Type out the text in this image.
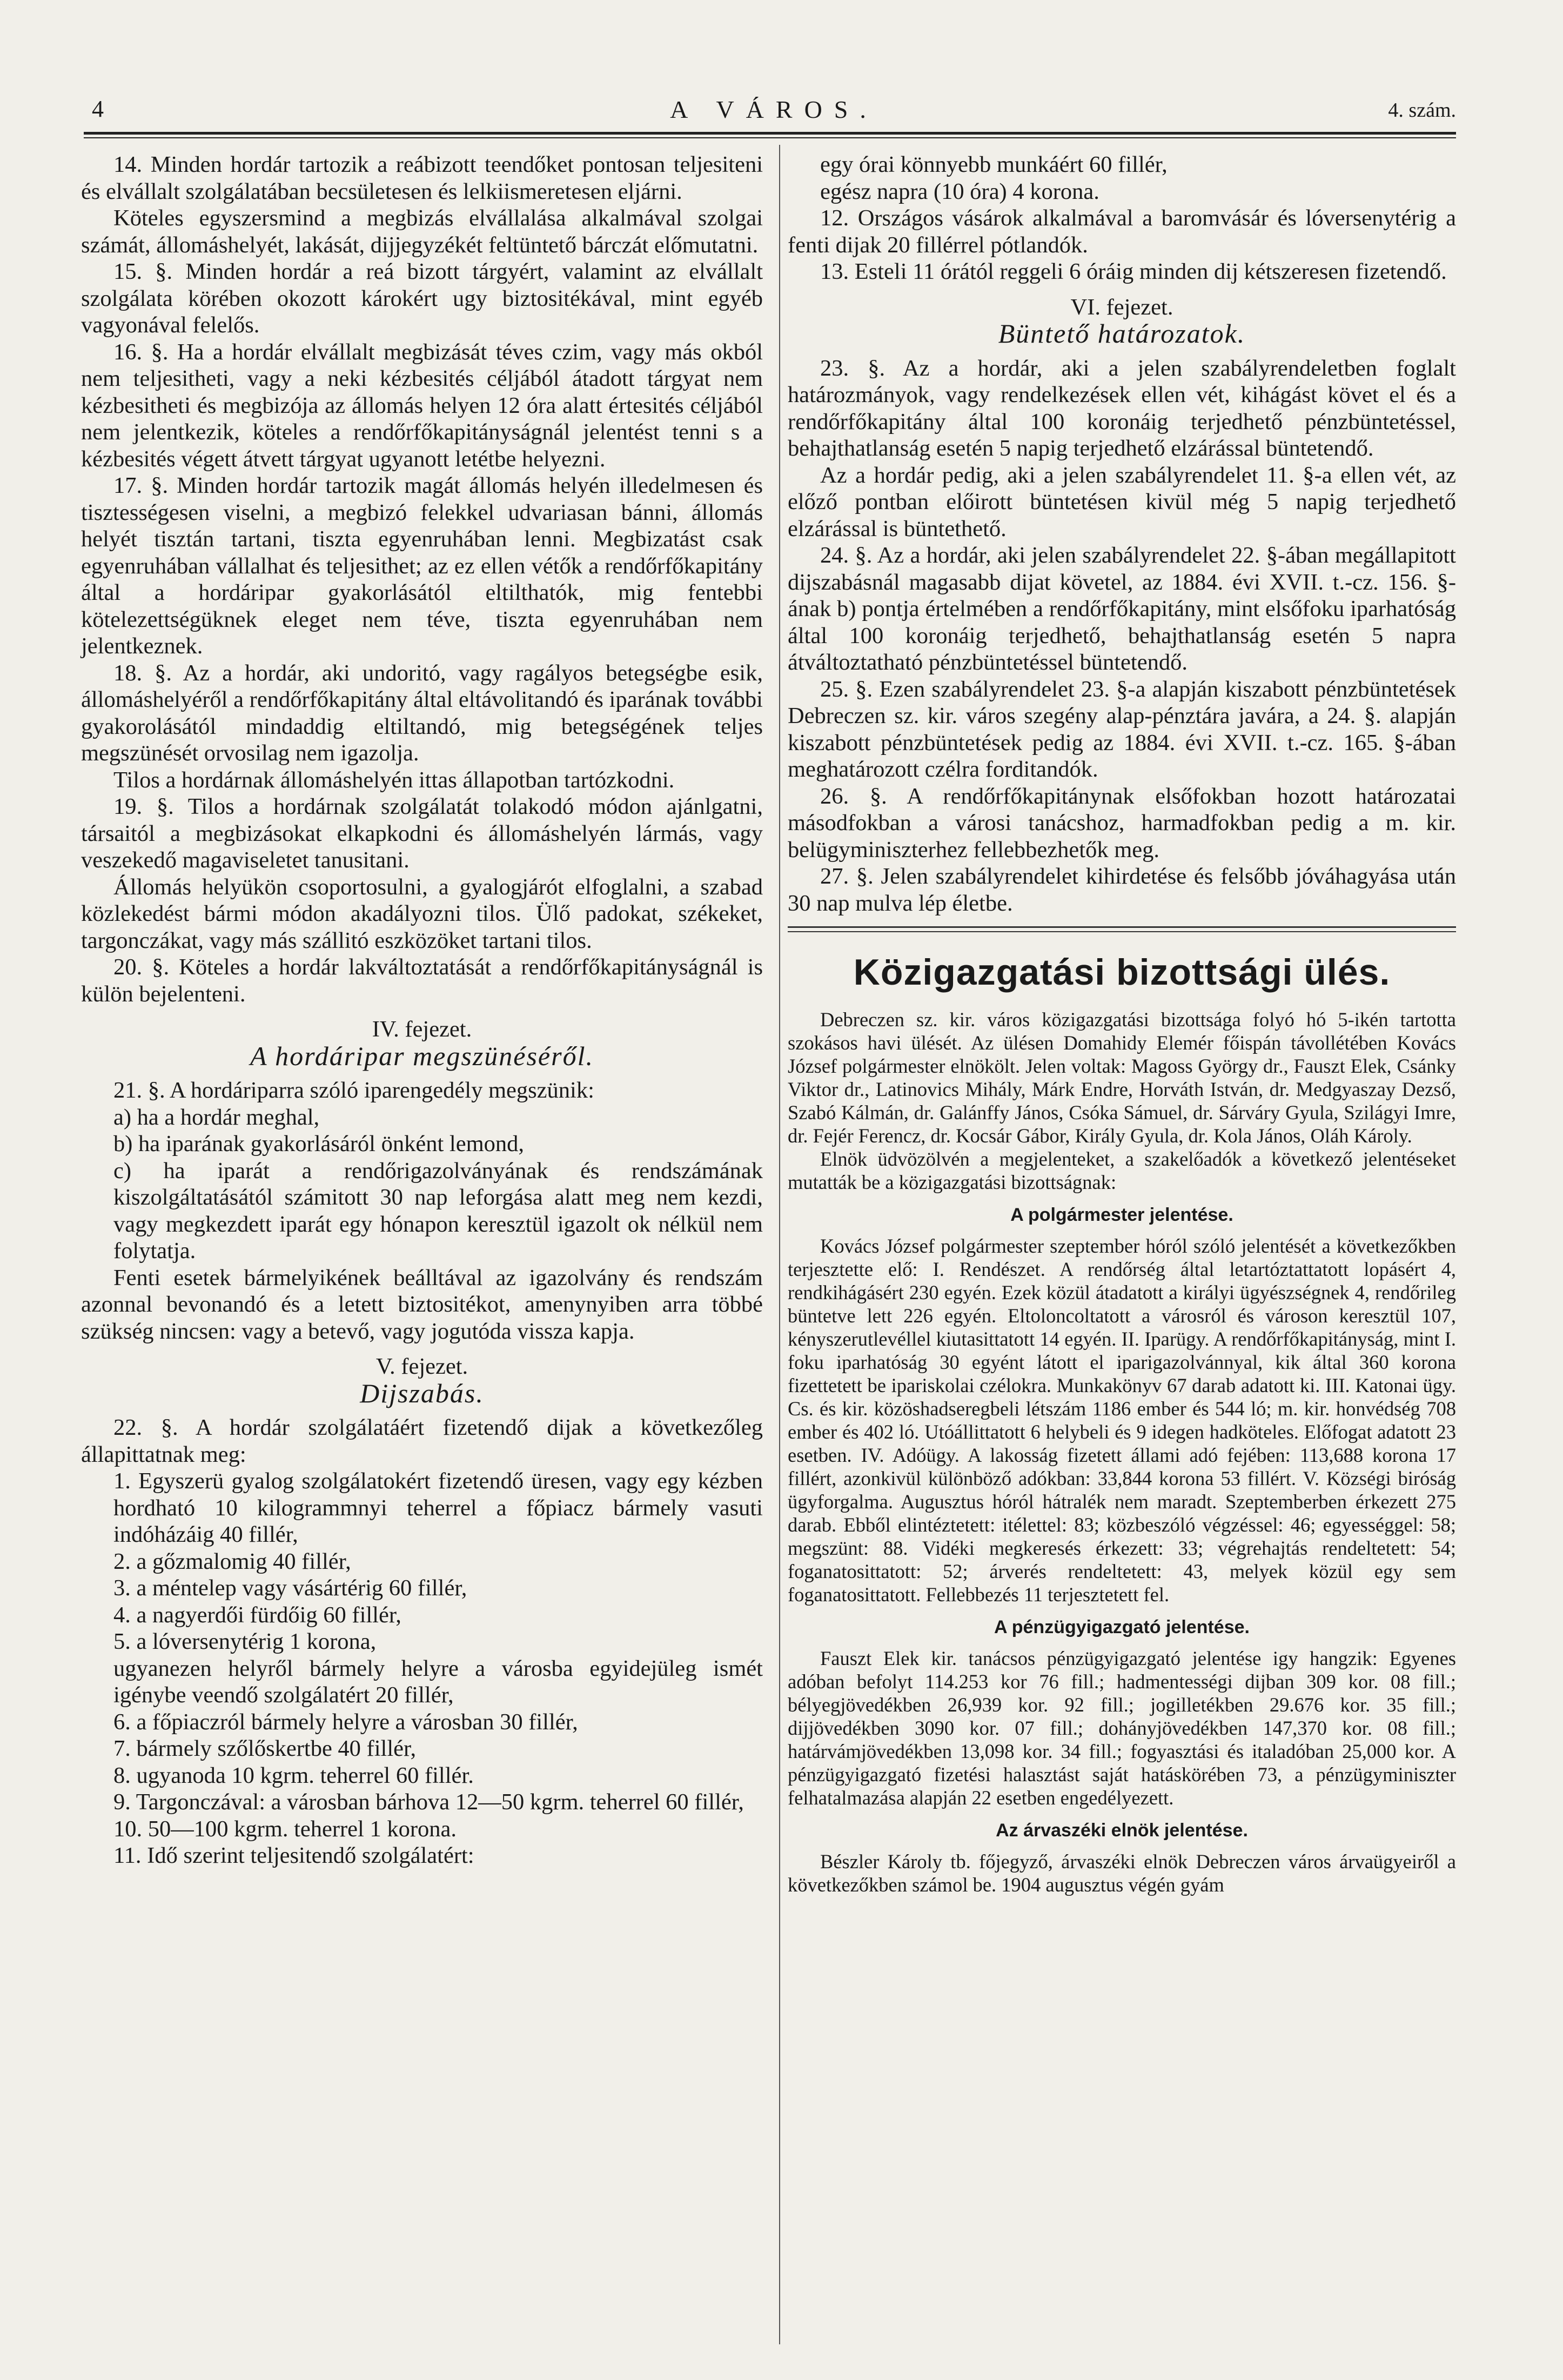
4	A VÁROS.	4. szám.

14. Minden hordár tartozik a reábizott teendőket pontosan teljesiteni és elvállalt szolgálatában becsületesen és lelkiismeretesen eljárni.

Köteles egyszersmind a megbizás elvállalása alkalmával szolgai számát, állomáshelyét, lakását, dijjegyzékét feltüntető bárczát előmutatni.

15. §. Minden hordár a reá bizott tárgyért, valamint az elvállalt szolgálata körében okozott károkért ugy biztositékával, mint egyéb vagyonával felelős.

16. §. Ha a hordár elvállalt megbizását téves czim, vagy más okból nem teljesitheti, vagy a neki kézbesités céljából átadott tárgyat nem kézbesitheti és megbizója az állomás helyen 12 óra alatt értesités céljából nem jelentkezik, köteles a rendőrfőkapitányságnál jelentést tenni s a kézbesités végett átvett tárgyat ugyanott letétbe helyezni.

17. §. Minden hordár tartozik magát állomás helyén illedelmesen és tisztességesen viselni, a megbizó felekkel udvariasan bánni, állomás helyét tisztán tartani, tiszta egyenruhában lenni. Megbizatást csak egyenruhában vállalhat és teljesithet; az ez ellen vétők a rendőrfőkapitány által a hordáripar gyakorlásától eltilthatók, mig fentebbi kötelezettségüknek eleget nem téve, tiszta egyenruhában nem jelentkeznek.

18. §. Az a hordár, aki undoritó, vagy ragályos betegségbe esik, állomáshelyéről a rendőrfőkapitány által eltávolitandó és iparának további gyakorolásától mindaddig eltiltandó, mig betegségének teljes megszünését orvosilag nem igazolja.

Tilos a hordárnak állomáshelyén ittas állapotban tartózkodni.

19. §. Tilos a hordárnak szolgálatát tolakodó módon ajánlgatni, társaitól a megbizásokat elkapkodni és állomáshelyén lármás, vagy veszekedő magaviseletet tanusitani.

Állomás helyükön csoportosulni, a gyalogjárót elfoglalni, a szabad közlekedést bármi módon akadályozni tilos. Ülő padokat, székeket, targonczákat, vagy más szállitó eszközöket tartani tilos.

20. §. Köteles a hordár lakváltoztatását a rendőrfőkapitányságnál is külön bejelenteni.

IV. fejezet.

A hordáripar megszünéséről.

21. §. A hordáriparra szóló iparengedély megszünik:

a) ha a hordár meghal,

b) ha iparának gyakorlásáról önként lemond,

c) ha iparát a rendőrigazolványának és rendszámának kiszolgáltatásától számitott 30 nap leforgása alatt meg nem kezdi, vagy megkezdett iparát egy hónapon keresztül igazolt ok nélkül nem folytatja.

Fenti esetek bármelyikének beálltával az igazolvány és rendszám azonnal bevonandó és a letett biztositékot, amenynyiben arra többé szükség nincsen: vagy a betevő, vagy jogutóda vissza kapja.

V. fejezet.

Dijszabás.

22. §. A hordár szolgálatáért fizetendő dijak a következőleg állapittatnak meg:

1. Egyszerü gyalog szolgálatokért fizetendő üresen, vagy egy kézben hordható 10 kilogrammnyi teherrel a főpiacz bármely vasuti indóházáig 40 fillér,

2. a gőzmalomig 40 fillér,

3. a méntelep vagy vásártérig 60 fillér,

4. a nagyerdői fürdőig 60 fillér,

5. a lóversenytérig 1 korona,

ugyanezen helyről bármely helyre a városba egyidejüleg ismét igénybe veendő szolgálatért 20 fillér,

6. a főpiaczról bármely helyre a városban 30 fillér,

7. bármely szőlőskertbe 40 fillér,

8. ugyanoda 10 kgrm. teherrel 60 fillér.

9. Targonczával: a városban bárhova 12—50 kgrm. teherrel 60 fillér,

10. 50—100 kgrm. teherrel 1 korona.

11. Idő szerint teljesitendő szolgálatért:

egy órai könnyebb munkáért 60 fillér,

egész napra (10 óra) 4 korona.

12. Országos vásárok alkalmával a baromvásár és lóversenytérig a fenti dijak 20 fillérrel pótlandók.

13. Esteli 11 órától reggeli 6 óráig minden dij kétszeresen fizetendő.

VI. fejezet.

Büntető határozatok.

23. §. Az a hordár, aki a jelen szabályrendeletben foglalt határozmányok, vagy rendelkezések ellen vét, kihágást követ el és a rendőrfőkapitány által 100 koronáig terjedhető pénzbüntetéssel, behajthatlanság esetén 5 napig terjedhető elzárással büntetendő.

Az a hordár pedig, aki a jelen szabályrendelet 11. §-a ellen vét, az előző pontban előirott büntetésen kivül még 5 napig terjedhető elzárással is büntethető.

24. §. Az a hordár, aki jelen szabályrendelet 22. §-ában megállapitott dijszabásnál magasabb dijat követel, az 1884. évi XVII. t.-cz. 156. §-ának b) pontja értelmében a rendőrfőkapitány, mint elsőfoku iparhatóság által 100 koronáig terjedhető, behajthatlanság esetén 5 napra átváltoztatható pénzbüntetéssel büntetendő.

25. §. Ezen szabályrendelet 23. §-a alapján kiszabott pénzbüntetések Debreczen sz. kir. város szegény alap-pénztára javára, a 24. §. alapján kiszabott pénzbüntetések pedig az 1884. évi XVII. t.-cz. 165. §-ában meghatározott czélra forditandók.

26. §. A rendőrfőkapitánynak elsőfokban hozott határozatai másodfokban a városi tanácshoz, harmadfokban pedig a m. kir. belügyminiszterhez fellebbezhetők meg.

27. §. Jelen szabályrendelet kihirdetése és felsőbb jóváhagyása után 30 nap mulva lép életbe.

Közigazgatási bizottsági ülés.

Debreczen sz. kir. város közigazgatási bizottsága folyó hó 5-ikén tartotta szokásos havi ülését. Az ülésen Domahidy Elemér főispán távollétében Kovács József polgármester elnökölt. Jelen voltak: Magoss György dr., Fauszt Elek, Csánky Viktor dr., Latinovics Mihály, Márk Endre, Horváth István, dr. Medgyaszay Dezső, Szabó Kálmán, dr. Galánffy János, Csóka Sámuel, dr. Sárváry Gyula, Szilágyi Imre, dr. Fejér Ferencz, dr. Kocsár Gábor, Király Gyula, dr. Kola János, Oláh Károly.

Elnök üdvözölvén a megjelenteket, a szakelőadók a következő jelentéseket mutatták be a közigazgatási bizottságnak:

A polgármester jelentése.

Kovács József polgármester szeptember hóról szóló jelentését a következőkben terjesztette elő: I. Rendészet. A rendőrség által letartóztattatott lopásért 4, rendkihágásért 230 egyén. Ezek közül átadatott a királyi ügyészségnek 4, rendőrileg büntetve lett 226 egyén. Eltoloncoltatott a városról és városon keresztül 107, kényszerutlevéllel kiutasittatott 14 egyén. II. Iparügy. A rendőrfőkapitányság, mint I. foku iparhatóság 30 egyént látott el iparigazolvánnyal, kik által 360 korona fizettetett be ipariskolai czélokra. Munkakönyv 67 darab adatott ki. III. Katonai ügy. Cs. és kir. közöshadseregbeli létszám 1186 ember és 544 ló; m. kir. honvédség 708 ember és 402 ló. Utóállittatott 6 helybeli és 9 idegen hadköteles. Előfogat adatott 23 esetben. IV. Adóügy. A lakosság fizetett állami adó fejében: 113,688 korona 17 fillért, azonkivül különböző adókban: 33,844 korona 53 fillért. V. Községi biróság ügyforgalma. Augusztus hóról hátralék nem maradt. Szeptemberben érkezett 275 darab. Ebből elintéztetett: itélettel: 83; közbeszóló végzéssel: 46; egyességgel: 58; megszünt: 88. Vidéki megkeresés érkezett: 33; végrehajtás rendeltetett: 54; foganatosittatott: 52; árverés rendeltetett: 43, melyek közül egy sem foganatosittatott. Fellebbezés 11 terjesztetett fel.

A pénzügyigazgató jelentése.

Fauszt Elek kir. tanácsos pénzügyigazgató jelentése igy hangzik: Egyenes adóban befolyt 114.253 kor 76 fill.; hadmentességi dijban 309 kor. 08 fill.; bélyegjövedékben 26,939 kor. 92 fill.; jogilletékben 29.676 kor. 35 fill.; dijjövedékben 3090 kor. 07 fill.; dohányjövedékben 147,370 kor. 08 fill.; határvámjövedékben 13,098 kor. 34 fill.; fogyasztási és italadóban 25,000 kor. A pénzügyigazgató fizetési halasztást saját hatáskörében 73, a pénzügyminiszter felhatalmazása alapján 22 esetben engedélyezett.

Az árvaszéki elnök jelentése.

Bészler Károly tb. főjegyző, árvaszéki elnök Debreczen város árvaügyeiről a következőkben számol be. 1904 augusztus végén gyám
